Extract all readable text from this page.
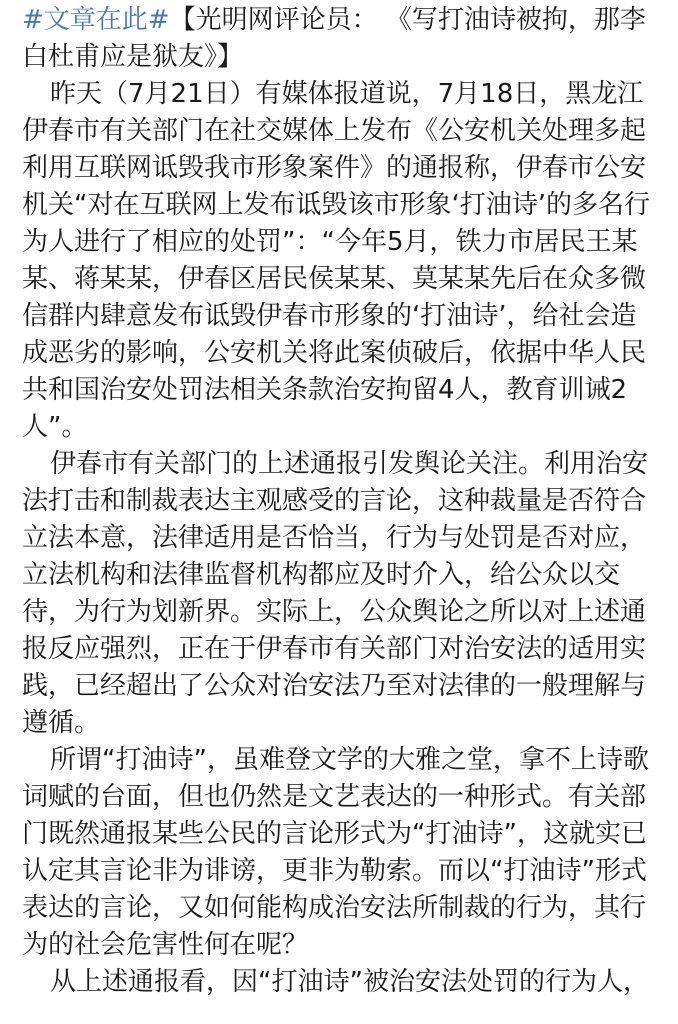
#文章在此#【光明网评论员： 《写打油诗被拘，那李白杜甫应是狱友》】

昨天（7月21日）有媒体报道说，7月18日，黑龙江伊春市有关部门在社交媒体上发布《公安机关处理多起利用互联网诋毁我市形象案件》的通报称，伊春市公安机关“对在互联网上发布诋毁该市形象‘打油诗’的多名行为人进行了相应的处罚”：“今年5月，铁力市居民王某某、蒋某某，伊春区居民侯某某、莫某某先后在众多微信群内肆意发布诋毁伊春市形象的‘打油诗’，给社会造成恶劣的影响，公安机关将此案侦破后，依据中华人民共和国治安处罚法相关条款治安拘留4人，教育训诫2人”。

伊春市有关部门的上述通报引发舆论关注。利用治安法打击和制裁表达主观感受的言论，这种裁量是否符合立法本意，法律适用是否恰当，行为与处罚是否对应，立法机构和法律监督机构都应及时介入，给公众以交待，为行为划新界。实际上，公众舆论之所以对上述通报反应强烈，正在于伊春市有关部门对治安法的适用实践，已经超出了公众对治安法乃至对法律的一般理解与遵循。

所谓“打油诗”，虽难登文学的大雅之堂，拿不上诗歌词赋的台面，但也仍然是文艺表达的一种形式。有关部门既然通报某些公民的言论形式为“打油诗”，这就实已认定其言论非为诽谤，更非为勒索。而以“打油诗”形式表达的言论，又如何能构成治安法所制裁的行为，其行为的社会危害性何在呢？

从上述通报看，因“打油诗”被治安法处罚的行为人，
